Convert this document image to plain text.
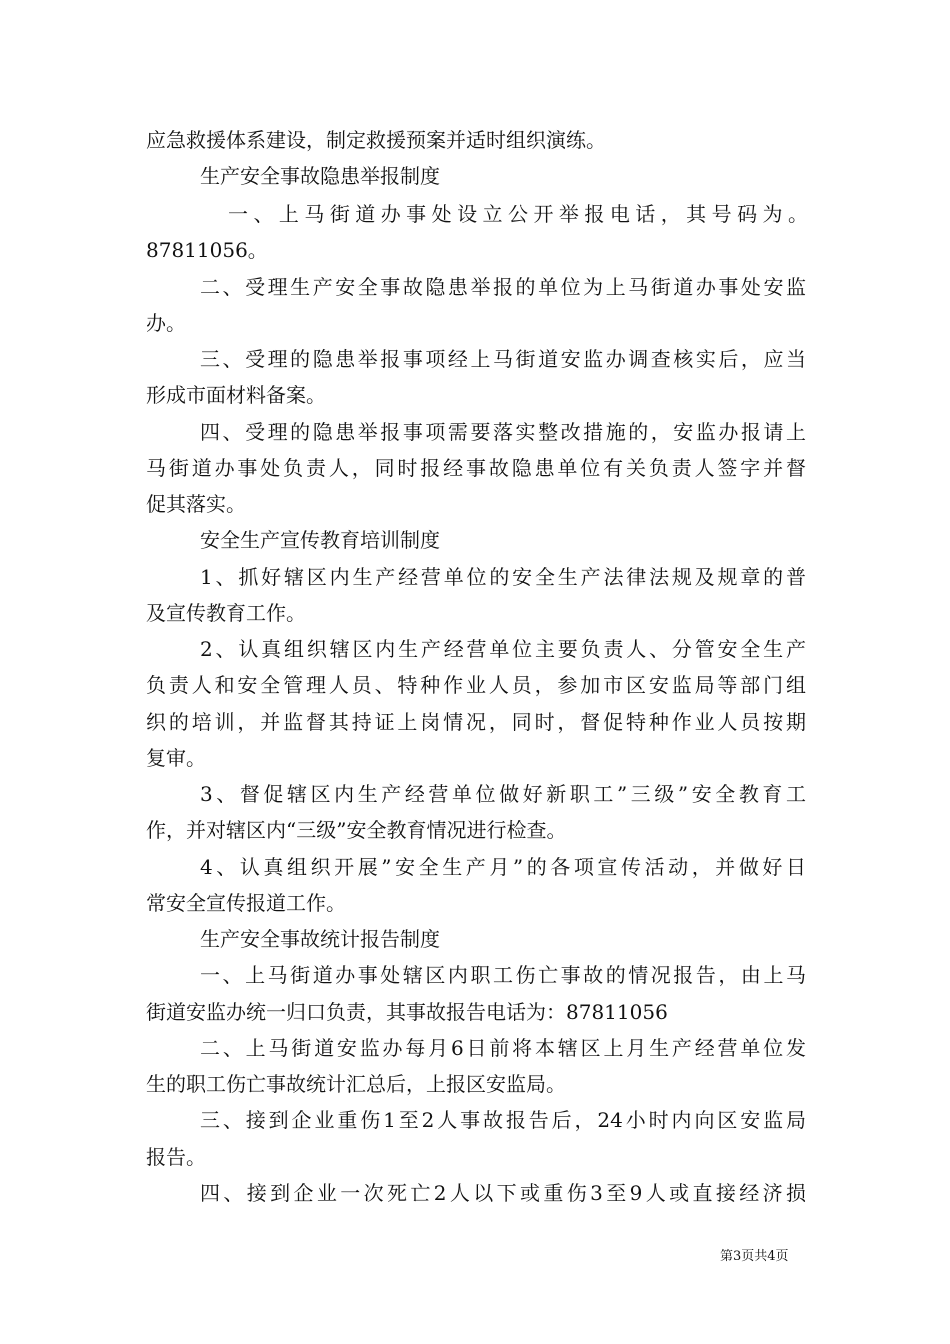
应急救援体系建设，制定救援预案并适时组织演练。
生产安全事故隐患举报制度
一、上马街道办事处设立公开举报电话，其号码为。
87811056。
二、受理生产安全事故隐患举报的单位为上马街道办事处安监
办。
三、受理的隐患举报事项经上马街道安监办调查核实后，应当
形成市面材料备案。
四、受理的隐患举报事项需要落实整改措施的，安监办报请上
马街道办事处负责人，同时报经事故隐患单位有关负责人签字并督
促其落实。
安全生产宣传教育培训制度
1、抓好辖区内生产经营单位的安全生产法律法规及规章的普
及宣传教育工作。
2、认真组织辖区内生产经营单位主要负责人、分管安全生产
负责人和安全管理人员、特种作业人员，参加市区安监局等部门组
织的培训，并监督其持证上岗情况，同时，督促特种作业人员按期
复审。
3、督促辖区内生产经营单位做好新职工”三级”安全教育工
作，并对辖区内“三级”安全教育情况进行检查。
4、认真组织开展”安全生产月”的各项宣传活动，并做好日
常安全宣传报道工作。
生产安全事故统计报告制度
一、上马街道办事处辖区内职工伤亡事故的情况报告，由上马
街道安监办统一归口负责，其事故报告电话为：87811056
二、上马街道安监办每月6日前将本辖区上月生产经营单位发
生的职工伤亡事故统计汇总后，上报区安监局。
三、接到企业重伤1至2人事故报告后，24小时内向区安监局
报告。
四、接到企业一次死亡2人以下或重伤3至9人或直接经济损
第3页共4页
